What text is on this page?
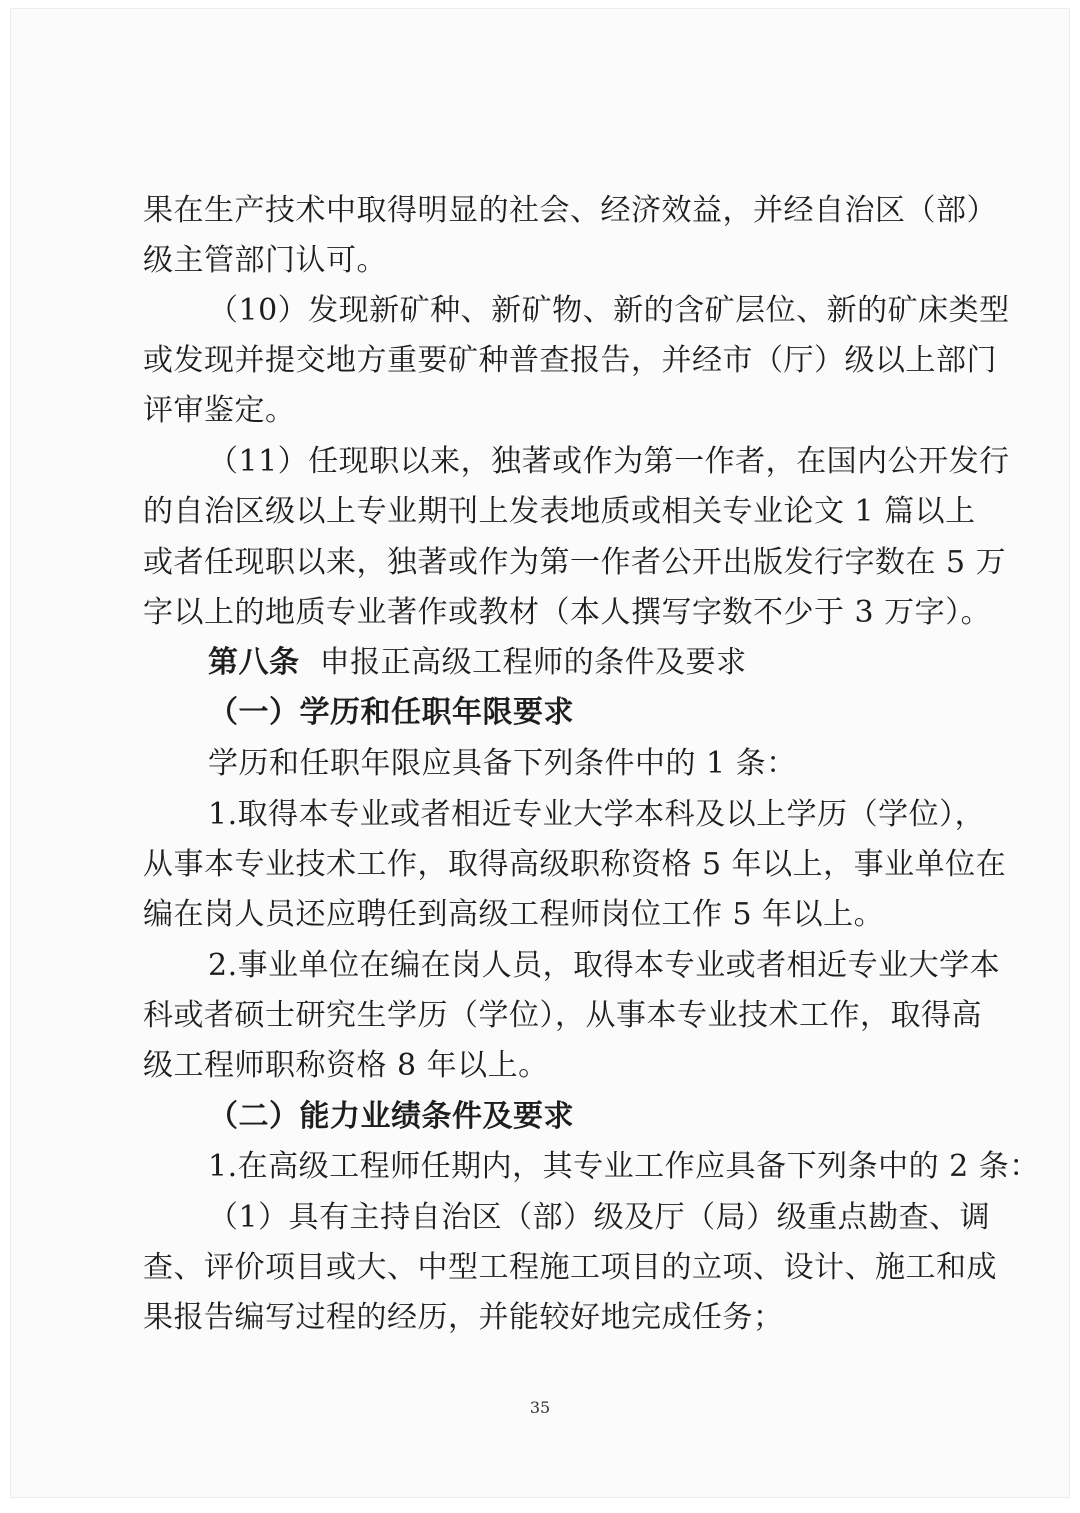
果在生产技术中取得明显的社会、经济效益，并经自治区（部）
级主管部门认可。
（10）发现新矿种、新矿物、新的含矿层位、新的矿床类型
或发现并提交地方重要矿种普查报告，并经市（厅）级以上部门
评审鉴定。
（11）任现职以来，独著或作为第一作者，在国内公开发行
的自治区级以上专业期刊上发表地质或相关专业论文 1 篇以上
或者任现职以来，独著或作为第一作者公开出版发行字数在 5 万
字以上的地质专业著作或教材（本人撰写字数不少于 3 万字）。
第八条 申报正高级工程师的条件及要求
（一）学历和任职年限要求
学历和任职年限应具备下列条件中的 1 条：
1.取得本专业或者相近专业大学本科及以上学历（学位），
从事本专业技术工作，取得高级职称资格 5 年以上，事业单位在
编在岗人员还应聘任到高级工程师岗位工作 5 年以上。
2.事业单位在编在岗人员，取得本专业或者相近专业大学本
科或者硕士研究生学历（学位），从事本专业技术工作，取得高
级工程师职称资格 8 年以上。
（二）能力业绩条件及要求
1.在高级工程师任期内，其专业工作应具备下列条中的 2 条：
（1）具有主持自治区（部）级及厅（局）级重点勘查、调
查、评价项目或大、中型工程施工项目的立项、设计、施工和成
果报告编写过程的经历，并能较好地完成任务；
35
